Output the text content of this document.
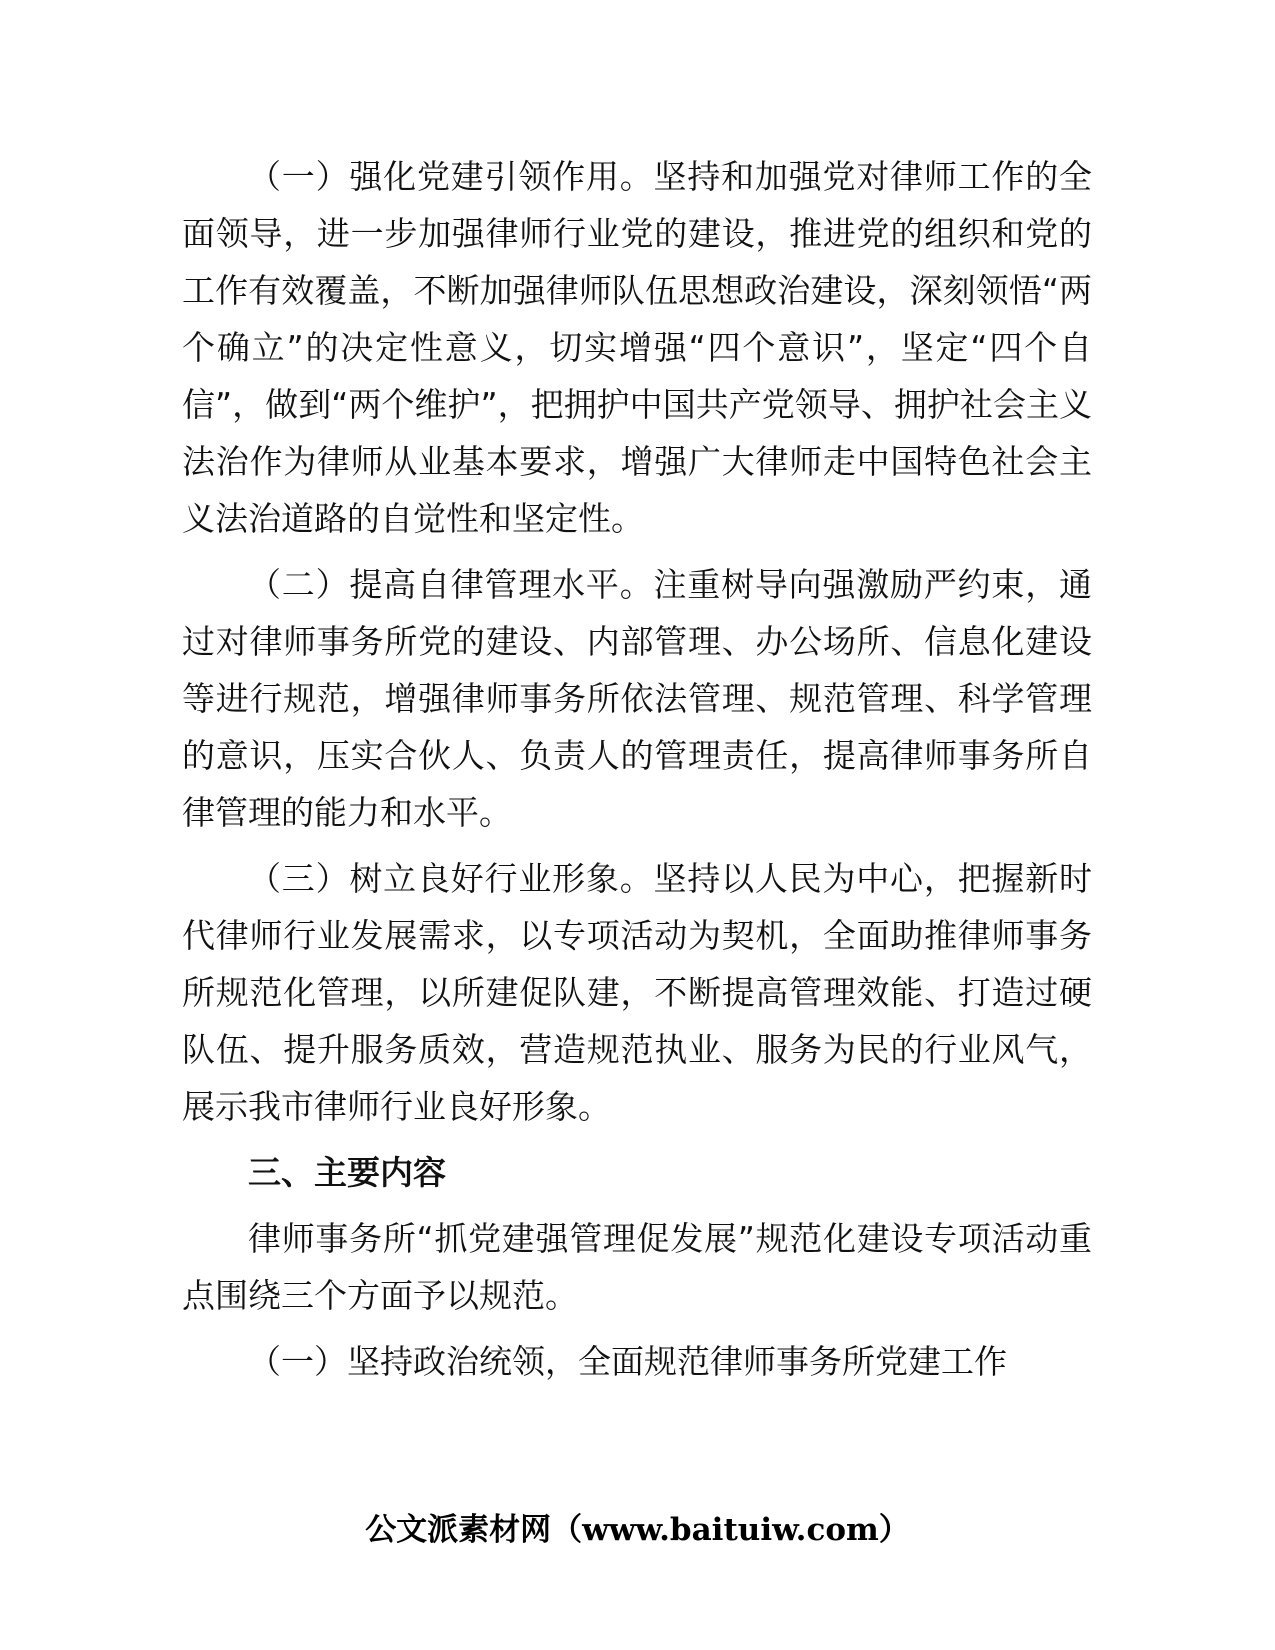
（一）强化党建引领作用。坚持和加强党对律师工作的全面领导，进一步加强律师行业党的建设，推进党的组织和党的工作有效覆盖，不断加强律师队伍思想政治建设，深刻领悟“两个确立”的决定性意义，切实增强“四个意识”，坚定“四个自信”，做到“两个维护”，把拥护中国共产党领导、拥护社会主义法治作为律师从业基本要求，增强广大律师走中国特色社会主义法治道路的自觉性和坚定性。

（二）提高自律管理水平。注重树导向强激励严约束，通过对律师事务所党的建设、内部管理、办公场所、信息化建设等进行规范，增强律师事务所依法管理、规范管理、科学管理的意识，压实合伙人、负责人的管理责任，提高律师事务所自律管理的能力和水平。

（三）树立良好行业形象。坚持以人民为中心，把握新时代律师行业发展需求，以专项活动为契机，全面助推律师事务所规范化管理，以所建促队建，不断提高管理效能、打造过硬队伍、提升服务质效，营造规范执业、服务为民的行业风气，展示我市律师行业良好形象。

三、主要内容

律师事务所“抓党建强管理促发展”规范化建设专项活动重点围绕三个方面予以规范。

（一）坚持政治统领，全面规范律师事务所党建工作

公文派素材网（www.baituiw.com）
